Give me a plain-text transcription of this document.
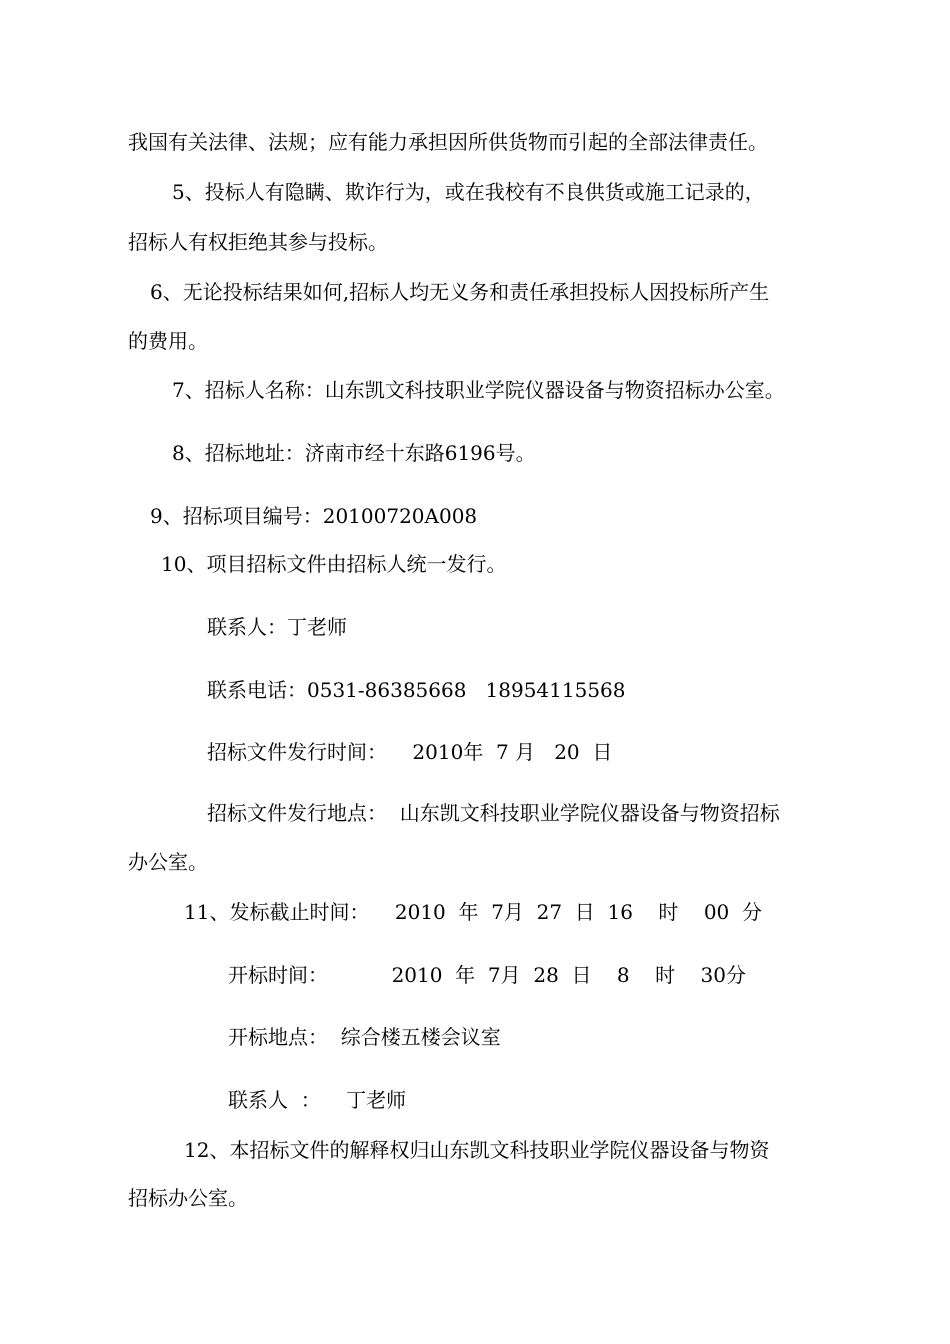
我国有关法律、法规；应有能力承担因所供货物而引起的全部法律责任。
5、投标人有隐瞒、欺诈行为，或在我校有不良供货或施工记录的，
招标人有权拒绝其参与投标。
6、无论投标结果如何,招标人均无义务和责任承担投标人因投标所产生
的费用。
7、招标人名称：山东凯文科技职业学院仪器设备与物资招标办公室。
8、招标地址：济南市经十东路6196号。
9、招标项目编号：20100720A008
10、项目招标文件由招标人统一发行。
联系人：丁老师
联系电话：0531-86385668   18954115568
招标文件发行时间：    2010年  7 月   20  日
招标文件发行地点：  山东凯文科技职业学院仪器设备与物资招标
办公室。
11、发标截止时间：    2010  年  7月  27  日  16    时    00  分
开标时间：          2010  年  7月  28  日    8    时    30分
开标地点：  综合楼五楼会议室
联系人  ：    丁老师
12、本招标文件的解释权归山东凯文科技职业学院仪器设备与物资
招标办公室。
